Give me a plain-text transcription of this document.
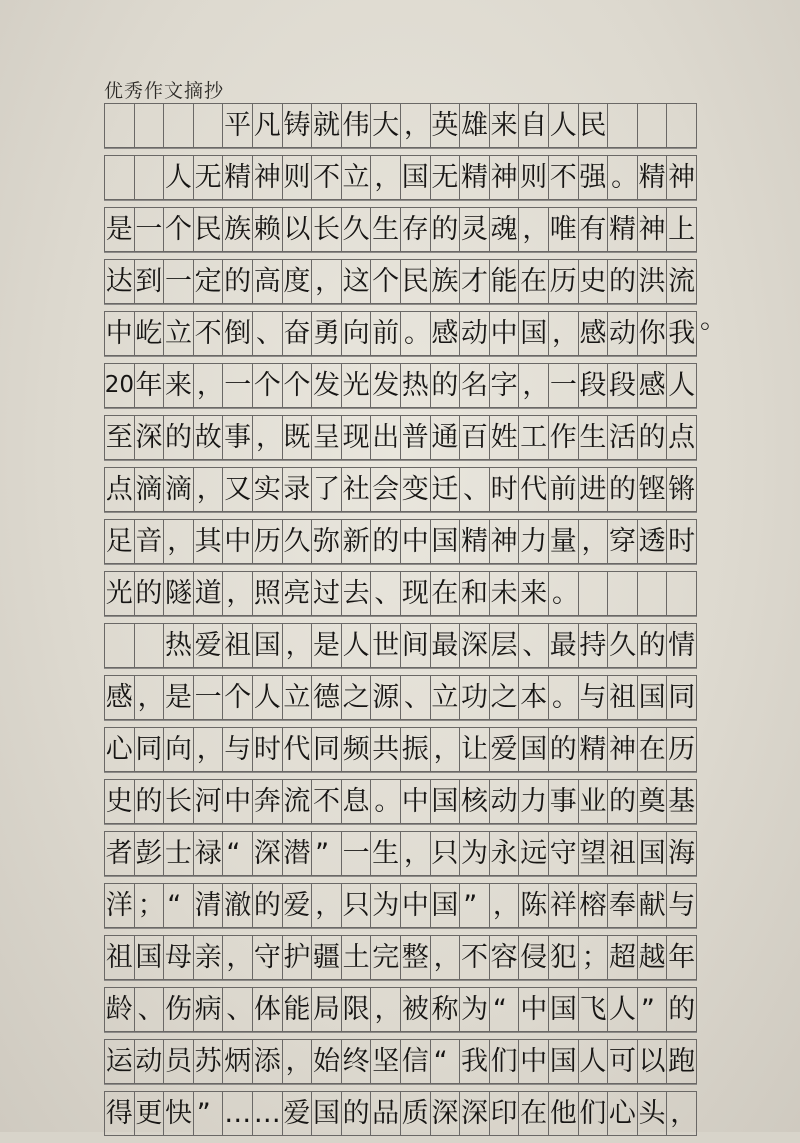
优秀作文摘抄
平 凡 铸 就 伟 大 ， 英 雄 来 自 人 民
人 无 精 神 则 不 立 ， 国 无 精 神 则 不 强 。 精 神
是 一 个 民 族 赖 以 长 久 生 存 的 灵 魂 ， 唯 有 精 神 上
达 到 一 定 的 高 度 ， 这 个 民 族 才 能 在 历 史 的 洪 流
中 屹 立 不 倒 、 奋 勇 向 前 。 感 动 中 国 ， 感 动 你 我
20 年 来 ， 一 个 个 发 光 发 热 的 名 字 ， 一 段 段 感 人
至 深 的 故 事 ， 既 呈 现 出 普 通 百 姓 工 作 生 活 的 点
点 滴 滴 ， 又 实 录 了 社 会 变 迁 、 时 代 前 进 的 铿 锵
足 音 ， 其 中 历 久 弥 新 的 中 国 精 神 力 量 ， 穿 透 时
光 的 隧 道 ， 照 亮 过 去 、 现 在 和 未 来 。
热 爱 祖 国 ， 是 人 世 间 最 深 层 、 最 持 久 的 情
感 ， 是 一 个 人 立 德 之 源 、 立 功 之 本 。 与 祖 国 同
心 同 向 ， 与 时 代 同 频 共 振 ， 让 爱 国 的 精 神 在 历
史 的 长 河 中 奔 流 不 息 。 中 国 核 动 力 事 业 的 奠 基
者 彭 士 禄 “ 深 潜 ” 一 生 ， 只 为 永 远 守 望 祖 国 海
洋 ； “ 清 澈 的 爱 ， 只 为 中 国 ” ， 陈 祥 榕 奉 献 与
祖 国 母 亲 ， 守 护 疆 土 完 整 ， 不 容 侵 犯 ； 超 越 年
龄 、 伤 病 、 体 能 局 限 ， 被 称 为 “ 中 国 飞 人 ” 的
运 动 员 苏 炳 添 ， 始 终 坚 信 “ 我 们 中 国 人 可 以 跑
得 更 快 ” … … 爱 国 的 品 质 深 深 印 在 他 们 心 头 ，
。
